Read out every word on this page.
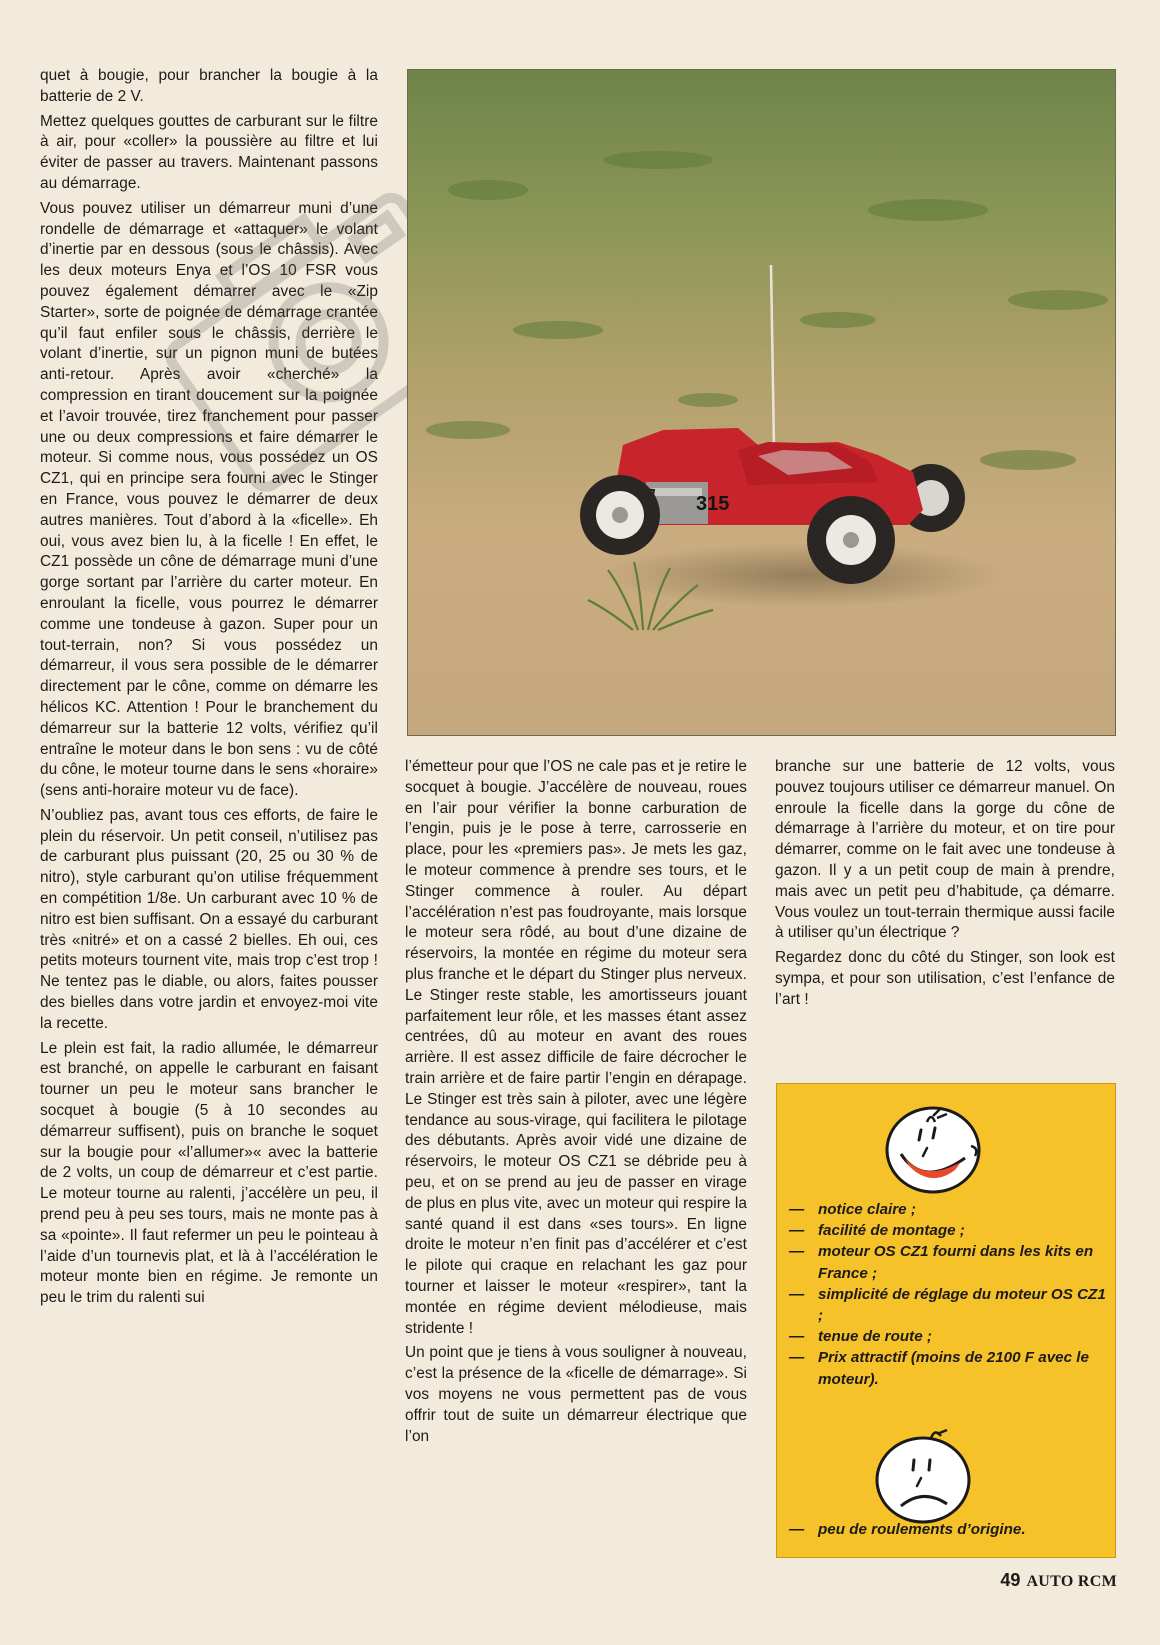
quet à bougie, pour brancher la bougie à la batterie de 2 V.

Mettez quelques gouttes de carburant sur le filtre à air, pour «coller» la poussière au filtre et lui éviter de passer au travers. Maintenant passons au démarrage.

Vous pouvez utiliser un démarreur muni d’une rondelle de démarrage et «attaquer» le volant d’inertie par en dessous (sous le châssis). Avec les deux moteurs Enya et l’OS 10 FSR vous pouvez également démarrer avec le «Zip Starter», sorte de poignée de démarrage crantée qu’il faut enfiler sous le châssis, derrière le volant d’inertie, sur un pignon muni de butées anti-retour. Après avoir «cherché» la compression en tirant doucement sur la poignée et l’avoir trouvée, tirez franchement pour passer une ou deux compressions et faire démarrer le moteur. Si comme nous, vous possédez un OS CZ1, qui en principe sera fourni avec le Stinger en France, vous pouvez le démarrer de deux autres manières. Tout d’abord à la «ficelle». Eh oui, vous avez bien lu, à la ficelle ! En effet, le CZ1 possède un cône de démarrage muni d’une gorge sortant par l’arrière du carter moteur. En enroulant la ficelle, vous pourrez le démarrer comme une tondeuse à gazon. Super pour un tout-terrain, non? Si vous possédez un démarreur, il vous sera possible de le démarrer directement par le cône, comme on démarre les hélicos KC. Attention ! Pour le branchement du démarreur sur la batterie 12 volts, vérifiez qu’il entraîne le moteur dans le bon sens : vu de côté du cône, le moteur tourne dans le sens «horaire» (sens anti-horaire moteur vu de face).

N’oubliez pas, avant tous ces efforts, de faire le plein du réservoir. Un petit conseil, n’utilisez pas de carburant plus puissant (20, 25 ou 30 % de nitro), style carburant qu’on utilise fréquemment en compétition 1/8e. Un carburant avec 10 % de nitro est bien suffisant. On a essayé du carburant très «nitré» et on a cassé 2 bielles. Eh oui, ces petits moteurs tournent vite, mais trop c’est trop ! Ne tentez pas le diable, ou alors, faites pousser des bielles dans votre jardin et envoyez-moi vite la recette.

Le plein est fait, la radio allumée, le démarreur est branché, on appelle le carburant en faisant tourner un peu le moteur sans brancher le socquet à bougie (5 à 10 secondes au démarreur suffisent), puis on branche le soquet sur la bougie pour «l’allumer»« avec la batterie de 2 volts, un coup de démarreur et c’est partie. Le moteur tourne au ralenti, j’accélère un peu, il prend peu à peu ses tours, mais ne monte pas à sa «pointe». Il faut refermer un peu le pointeau à l’aide d’un tournevis plat, et là à l’accélération le moteur monte bien en régime. Je remonte un peu le trim du ralenti sui

315

l’émetteur pour que l’OS ne cale pas et je retire le socquet à bougie. J’accélère de nouveau, roues en l’air pour vérifier la bonne carburation de l’engin, puis je le pose à terre, carrosserie en place, pour les «premiers pas». Je mets les gaz, le moteur commence à prendre ses tours, et le Stinger commence à rouler. Au départ l’accélération n’est pas foudroyante, mais lorsque le moteur sera rôdé, au bout d’une dizaine de réservoirs, la montée en régime du moteur sera plus franche et le départ du Stinger plus nerveux. Le Stinger reste stable, les amortisseurs jouant parfaitement leur rôle, et les masses étant assez centrées, dû au moteur en avant des roues arrière. Il est assez difficile de faire décrocher le train arrière et de faire partir l’engin en dérapage. Le Stinger est très sain à piloter, avec une légère tendance au sous-virage, qui facilitera le pilotage des débutants. Après avoir vidé une dizaine de réservoirs, le moteur OS CZ1 se débride peu à peu, et on se prend au jeu de passer en virage de plus en plus vite, avec un moteur qui respire la santé quand il est dans «ses tours». En ligne droite le moteur n’en finit pas d’accélérer et c’est le pilote qui craque en relachant les gaz pour tourner et laisser le moteur «respirer», tant la montée en régime devient mélodieuse, mais stridente !

Un point que je tiens à vous souligner à nouveau, c’est la présence de la «ficelle de démarrage». Si vos moyens ne vous permettent pas de vous offrir tout de suite un démarreur électrique que l’on

branche sur une batterie de 12 volts, vous pouvez toujours utiliser ce démarreur manuel. On enroule la ficelle dans la gorge du cône de démarrage à l’arrière du moteur, et on tire pour démarrer, comme on le fait avec une tondeuse à gazon. Il y a un petit coup de main à prendre, mais avec un petit peu d’habitude, ça démarre. Vous voulez un tout-terrain thermique aussi facile à utiliser qu’un électrique ?

Regardez donc du côté du Stinger, son look est sympa, et pour son utilisation, c’est l’enfance de l’art !

— notice claire ;
— facilité de montage ;
— moteur OS CZ1 fourni dans les kits en France ;
— simplicité de réglage du moteur OS CZ1 ;
— tenue de route ;
— Prix attractif (moins de 2100 F avec le moteur).
— peu de roulements d’origine.
49 AUTO RCM
